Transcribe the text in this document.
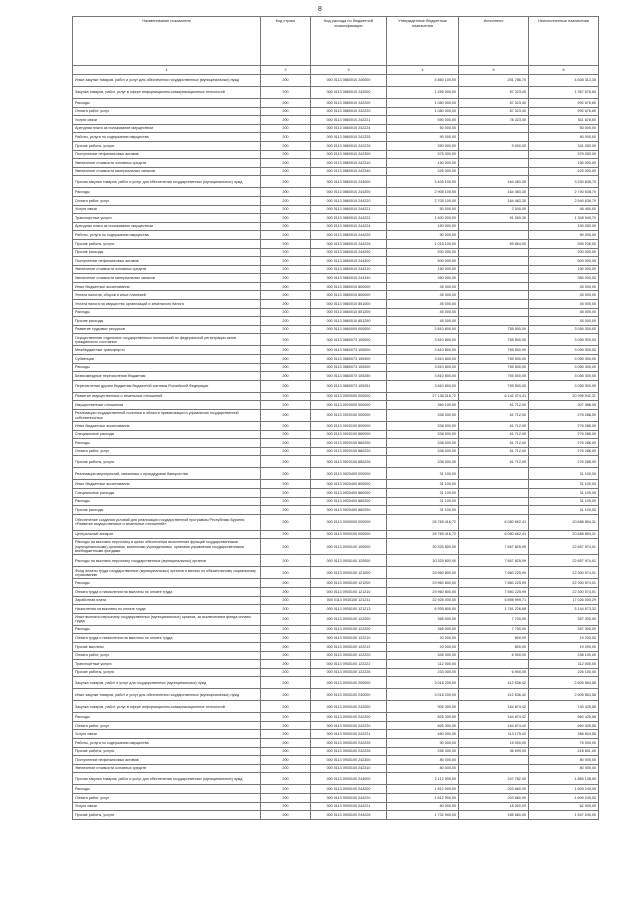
8
Наименование показателя	Код строки	Код расхода по бюджетной классификации	Утвержденные бюджетные назначения	Исполнено	Неисполненные назначения
1	2	3	4	5	6
Иные закупки товаров, работ и услуг для обеспечения государственных (муниципальных) нужд	200	000 0113 0860010 240000	4 860 100,00	251 786,70	4 608 313,30
Закупка товаров, работ, услуг в сфере информационно-коммуникационных технологий	200	000 0113 0860010 242000	1 455 000,00	87 323,40	1 367 676,60
Расходы	200	000 0113 0860010 242200	1 080 000,00	87 323,40	992 676,60
Оплата работ, услуг	200	000 0113 0860010 242220	1 080 000,00	87 323,40	992 676,60
Услуги связи	200	000 0113 0860010 242221	590 000,00	78 323,40	511 676,60
Арендная плата за пользование имуществом	200	000 0113 0860010 242224	50 000,00		50 000,00
Работы, услуги по содержанию имущества	200	000 0113 0860010 242225	90 000,00		90 000,00
Прочие работы, услуги	200	000 0113 0860010 242226	350 000,00	9 000,00	341 000,00
Поступление нефинансовых активов	200	000 0113 0860010 242300	375 000,00		375 000,00
Увеличение стоимости основных средств	200	000 0113 0860010 242310	150 000,00		150 000,00
Увеличение стоимости материальных запасов	200	000 0113 0860010 242340	225 000,00		225 000,00
Прочая закупка товаров, работ и услуг для обеспечения государственных (муниципальных) нужд	200	000 0113 0860010 244000	3 405 100,00	164 463,30	3 240 636,70
Расходы	200	000 0113 0860010 244200	2 905 100,00	164 463,30	2 740 636,70
Оплата работ, услуг	200	000 0113 0860010 244220	2 705 100,00	164 463,30	2 540 636,70
Услуги связи	200	000 0113 0860010 244221	50 000,00	2 540,00	46 460,00
Транспортные услуги	200	000 0113 0860010 244222	1 400 000,00	91 059,30	1 308 940,70
Арендная плата за пользование имуществом	200	000 0113 0860010 244224	150 000,00		150 000,00
Работы, услуги по содержанию имущества	200	000 0113 0860010 244225	90 000,00		90 000,00
Прочие работы, услуги	200	000 0113 0860010 244226	1 015 100,00	69 864,00	945 236,00
Прочие расходы	200	000 0113 0860010 244290	200 000,00		200 000,00
Поступление нефинансовых активов	200	000 0113 0860010 244300	500 000,00		500 000,00
Увеличение стоимости основных средств	200	000 0113 0860010 244310	150 000,00		150 000,00
Увеличение стоимости материальных запасов	200	000 0113 0860010 244340	350 000,00		350 000,00
Иные бюджетные ассигнования	200	000 0113 0860010 800000	45 000,00		45 000,00
Уплата налогов, сборов и иных платежей	200	000 0113 0860010 850000	45 000,00		45 000,00
Уплата налога на имущество организаций и земельного налога	200	000 0113 0860010 851000	45 000,00		45 000,00
Расходы	200	000 0113 0860010 851200	45 000,00		45 000,00
Прочие расходы	200	000 0113 0860010 851290	45 000,00		45 000,00
Развитие трудовых ресурсов	200	000 0113 0860000 000000	3 810 800,00	755 500,00	3 055 300,00
Осуществление отдельных государственных полномочий по федеральной регистрации актов гражданского состояния	200	000 0113 0860073 100000	3 810 800,00	755 500,00	3 055 300,00
Межбюджетные трансферты	200	000 0113 0860073 105000	3 810 800,00	755 500,00	3 055 300,00
Субвенции	200	000 0113 0860073 105300	3 810 800,00	755 500,00	3 055 300,00
Расходы	200	000 0113 0860073 105200	3 810 800,00	755 500,00	3 055 300,00
Безвозмездные перечисления бюджетам	200	000 0113 0860073 105250	3 810 800,00	755 500,00	3 055 300,00
Перечисления другим бюджетам бюджетной системы Российской Федерации	200	000 0113 0860073 105251	3 810 800,00	755 500,00	3 055 300,00
Развитие имущественных и земельных отношений	200	000 0113 0900000 000000	27 138 316,72	6 142 374,41	20 995 942,31
Имущественные отношения	200	000 0113 0920000 000000	369 100,00	61 712,00	307 388,00
Реализация государственной политики в области приватизации и управления государственной собственностью	200	000 0113 0920100 000000	338 000,00	61 712,00	276 288,00
Иные бюджетные ассигнования	200	000 0113 0920100 800000	338 000,00	61 712,00	276 288,00
Специальные расходы	200	000 0113 0920100 880000	338 000,00	61 712,00	276 288,00
Расходы	200	000 0113 0920100 880200	338 000,00	61 712,00	276 288,00
Оплата работ, услуг	200	000 0113 0920100 880220	338 000,00	61 712,00	276 288,00
Прочие работы, услуги	200	000 0113 0920100 880226	338 000,00	61 712,00	276 288,00
Реализация мероприятий, связанных с процедурами банкротства	200	000 0113 0920400 000000	31 100,00		31 100,00
Иные бюджетные ассигнования	200	000 0113 0920400 800000	31 100,00		31 100,00
Специальные расходы	200	000 0113 0920400 880000	31 100,00		31 100,00
Расходы	200	000 0113 0920400 880200	31 100,00		31 100,00
Прочие расходы	200	000 0113 0920400 880290	31 100,00		31 100,00
Обеспечение создания условий для реализации государственной программы Республики Бурятия «Развитие имущественных и земельных отношений»	200	000 0113 0930000 000000	26 769 416,72	6 080 662,41	20 688 854,31
Центральный аппарат	200	000 0113 0930100 000000	26 769 416,72	6 080 662,41	20 688 854,31
Расходы на выплаты персоналу в целях обеспечения выполнения функций государственными (муниципальными) органами, казенными учреждениями, органами управления государственными внебюджетными фондами	200	000 0113 0930100 100000	30 325 800,00	7 667 825,99	22 657 974,01
Расходы на выплаты персоналу государственных (муниципальных) органов	200	000 0113 0930100 120000	30 325 800,00	7 667 825,99	22 657 974,01
Фонд оплаты труда государственных (муниципальных) органов и взносы по обязательному социальному страхованию	200	000 0113 0930100 121000	29 960 800,00	7 660 225,99	22 300 574,01
Расходы	200	000 0113 0930100 121200	29 960 800,00	7 660 225,99	22 300 574,01
Оплата труда и начисления на выплаты по оплате труда	200	000 0113 0930100 121210	29 960 800,00	7 660 225,99	22 300 574,01
Заработная плата	200	000 0113 0930100 121211	22 925 000,00	5 898 999,71	17 026 000,29
Начисления на выплаты по оплате труда	200	000 0113 0930100 121213	6 935 800,00	1 761 226,68	5 144 573,32
Иные выплаты персоналу государственных (муниципальных) органов, за исключением фонда оплаты труда	200	000 0113 0930100 122000	365 000,00	7 700,00	357 300,00
Расходы	200	000 0113 0930100 122200	365 000,00	7 700,00	357 300,00
Оплата труда и начисления на выплаты по оплате труда	200	000 0113 0930100 122210	20 000,00	800,00	19 200,00
Прочие выплаты	200	000 0113 0930100 122212	20 000,00	800,00	19 200,00
Оплата работ, услуг	200	000 0113 0930100 122220	345 000,00	6 900,00	338 100,00
Транспортные услуги	200	000 0113 0930100 122222	112 000,00		112 000,00
Прочие работы, услуги	200	000 0113 0930100 122226	233 000,00	6 900,00	226 100,00
Закупка товаров, работ и услуг для государственных (муниципальных) нужд	200	000 0113 0930100 200000	3 018 200,00	412 636,42	2 605 563,58
Иные закупки товаров, работ и услуг для обеспечения государственных (муниципальных) нужд	200	000 0113 0930100 240000	3 018 200,00	412 636,42	2 605 563,58
Закупка товаров, работ, услуг в сфере информационно-коммуникационных технологий	200	000 0113 0930100 242000	905 300,00	164 874,42	740 425,58
Расходы	200	000 0113 0930100 242200	825 300,00	164 874,42	660 425,58
Оплата работ, услуг	200	000 0113 0930100 242220	825 300,00	164 874,42	660 425,58
Услуги связи	200	000 0113 0930100 242221	480 000,00	113 175,42	366 824,58
Работы, услуги по содержанию имущества	200	000 0113 0930100 242225	90 000,00	15 000,00	75 000,00
Прочие работы, услуги	200	000 0113 0930100 242226	255 300,00	36 699,00	218 601,00
Поступление нефинансовых активов	200	000 0113 0930100 242300	80 000,00		80 000,00
Увеличение стоимости основных средств	200	000 0113 0930100 242310	80 000,00		80 000,00
Прочая закупка товаров, работ и услуг для обеспечения государственных (муниципальных) нужд	200	000 0113 0930100 244000	2 112 900,00	247 762,00	1 865 138,00
Расходы	200	000 0113 0930100 244200	1 812 900,00	203 660,00	1 609 240,00
Оплата работ, услуг	200	000 0113 0930100 244220	1 812 900,00	203 660,00	1 609 240,00
Услуги связи	200	000 0113 0930100 244221	80 000,00	18 000,00	62 000,00
Прочие работы, услуги	200	000 0113 0930100 244226	1 732 900,00	185 660,00	1 547 240,00
